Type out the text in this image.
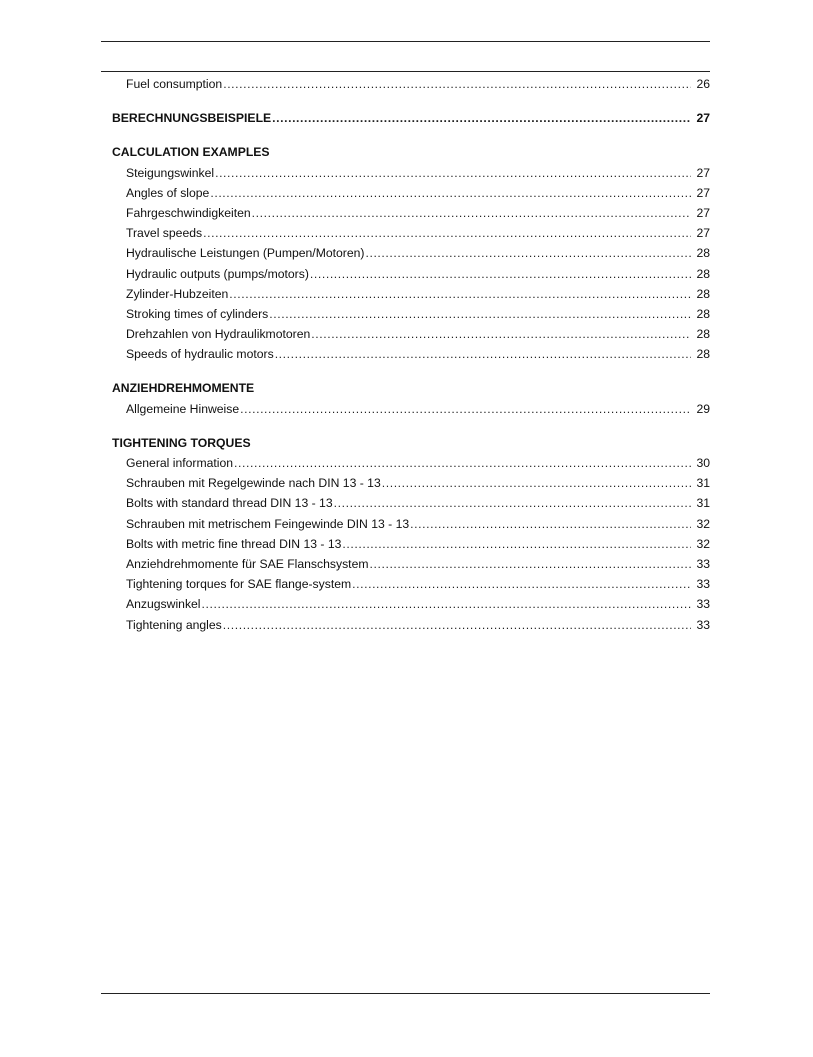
Fuel consumption .....	26
BERECHNUNGSBEISPIELE .....	27
CALCULATION EXAMPLES
Steigungswinkel .....	27
Angles of slope .....	27
Fahrgeschwindigkeiten .....	27
Travel speeds .....	27
Hydraulische Leistungen (Pumpen/Motoren) .....	28
Hydraulic outputs (pumps/motors) .....	28
Zylinder-Hubzeiten .....	28
Stroking times of cylinders .....	28
Drehzahlen von Hydraulikmotoren .....	28
Speeds of hydraulic motors .....	28
ANZIEHDREHMOMENTE
Allgemeine Hinweise .....	29
TIGHTENING TORQUES
General information .....	30
Schrauben mit Regelgewinde nach DIN 13 - 13 .....	31
Bolts with standard thread DIN 13 - 13 .....	31
Schrauben mit metrischem Feingewinde DIN 13 - 13 .....	32
Bolts with metric fine thread DIN 13 - 13 .....	32
Anziehdrehmomente für SAE Flanschsystem .....	33
Tightening torques for SAE flange-system .....	33
Anzugswinkel .....	33
Tightening angles .....	33
